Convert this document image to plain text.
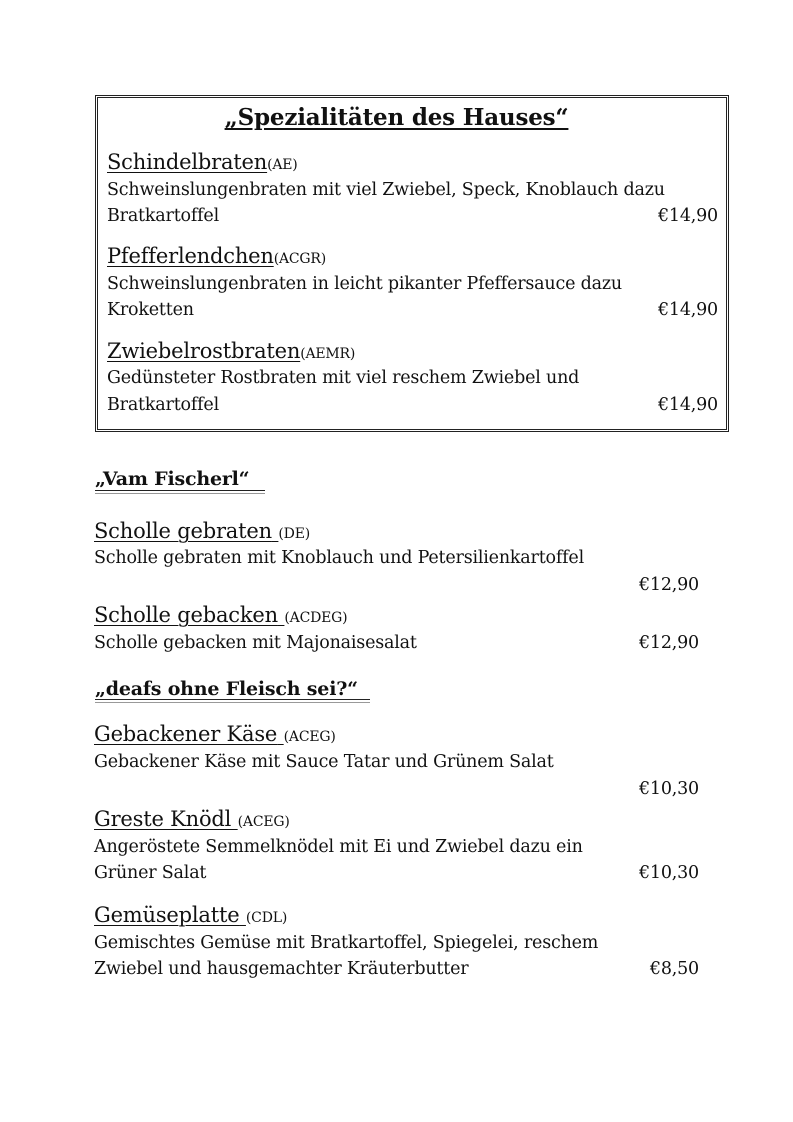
„Spezialitäten des Hauses“
Schindelbraten(AE)
Schweinslungenbraten mit viel Zwiebel, Speck, Knoblauch dazu
Bratkartoffel	€14,90
Pfefferlendchen(ACGR)
Schweinslungenbraten in leicht pikanter Pfeffersauce dazu
Kroketten	€14,90
Zwiebelrostbraten(AEMR)
Gedünsteter Rostbraten mit viel reschem Zwiebel und
Bratkartoffel	€14,90
„Vam Fischerl“
Scholle gebraten (DE)
Scholle gebraten mit Knoblauch und Petersilienkartoffel
€12,90
Scholle gebacken (ACDEG)
Scholle gebacken mit Majonaisesalat	€12,90
„deafs ohne Fleisch sei?“
Gebackener Käse (ACEG)
Gebackener Käse mit Sauce Tatar und Grünem Salat
€10,30
Greste Knödl (ACEG)
Angeröstete Semmelknödel mit Ei und Zwiebel dazu ein
Grüner Salat	€10,30
Gemüseplatte (CDL)
Gemischtes Gemüse mit Bratkartoffel, Spiegelei, reschem
Zwiebel und hausgemachter Kräuterbutter	€8,50
